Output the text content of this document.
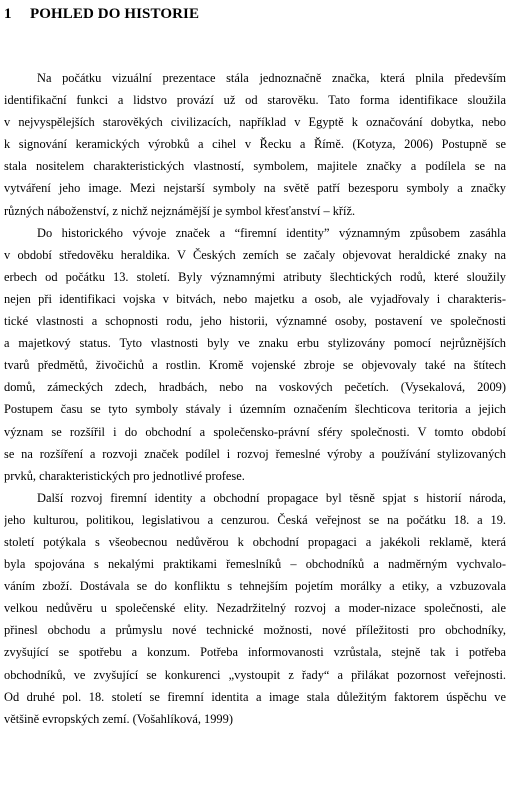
1 POHLED DO HISTORIE

Na počátku vizuální prezentace stála jednoznačně značka, která plnila především
identifikační funkci a lidstvo provází už od starověku. Tato forma identifikace sloužila
v nejvyspělejších starověkých civilizacích, například v Egyptě k označování dobytka, nebo
k signování keramických výrobků a cihel v Řecku a Římě. (Kotyza, 2006) Postupně se
stala nositelem charakteristických vlastností, symbolem, majitele značky a podílela se na
vytváření jeho image. Mezi nejstarší symboly na světě patří bezesporu symboly a značky
různých náboženství, z nichž nejznámější je symbol křesťanství – kříž.

Do historického vývoje značek a “firemní identity” významným způsobem zasáhla
v období středověku heraldika. V Českých zemích se začaly objevovat heraldické znaky na
erbech od počátku 13. století. Byly významnými atributy šlechtických rodů, které sloužily
nejen při identifikaci vojska v bitvách, nebo majetku a osob, ale vyjadřovaly i charakteris-
tické vlastnosti a schopnosti rodu, jeho historii, významné osoby, postavení ve společnosti
a majetkový status. Tyto vlastnosti byly ve znaku erbu stylizovány pomocí nejrůznějších
tvarů předmětů, živočichů a rostlin. Kromě vojenské zbroje se objevovaly také na štítech
domů, zámeckých zdech, hradbách, nebo na voskových pečetích. (Vysekalová, 2009)
Postupem času se tyto symboly stávaly i územním označením šlechticova teritoria a jejich
význam se rozšířil i do obchodní a společensko-právní sféry společnosti. V tomto období
se na rozšíření a rozvoji značek podílel i rozvoj řemeslné výroby a používání stylizovaných
prvků, charakteristických pro jednotlivé profese.

Další rozvoj firemní identity a obchodní propagace byl těsně spjat s historií národa,
jeho kulturou, politikou, legislativou a cenzurou. Česká veřejnost se na počátku 18. a 19.
století potýkala s všeobecnou nedůvěrou k obchodní propagaci a jakékoli reklamě, která
byla spojována s nekalými praktikami řemeslníků – obchodníků a nadměrným vychvalo-
váním zboží. Dostávala se do konfliktu s tehnejším pojetím morálky a etiky, a vzbuzovala
velkou nedůvěru u společenské elity. Nezadržitelný rozvoj a moder-nizace společnosti, ale
přinesl obchodu a průmyslu nové technické možnosti, nové příležitosti pro obchodníky,
zvyšující se spotřebu a konzum. Potřeba informovanosti vzrůstala, stejně tak i potřeba
obchodníků, ve zvyšující se konkurenci „vystoupit z řady“ a přilákat pozornost veřejnosti.
Od druhé pol. 18. století se firemní identita a image stala důležitým faktorem úspěchu ve
většině evropských zemí. (Vošahlíková, 1999)
